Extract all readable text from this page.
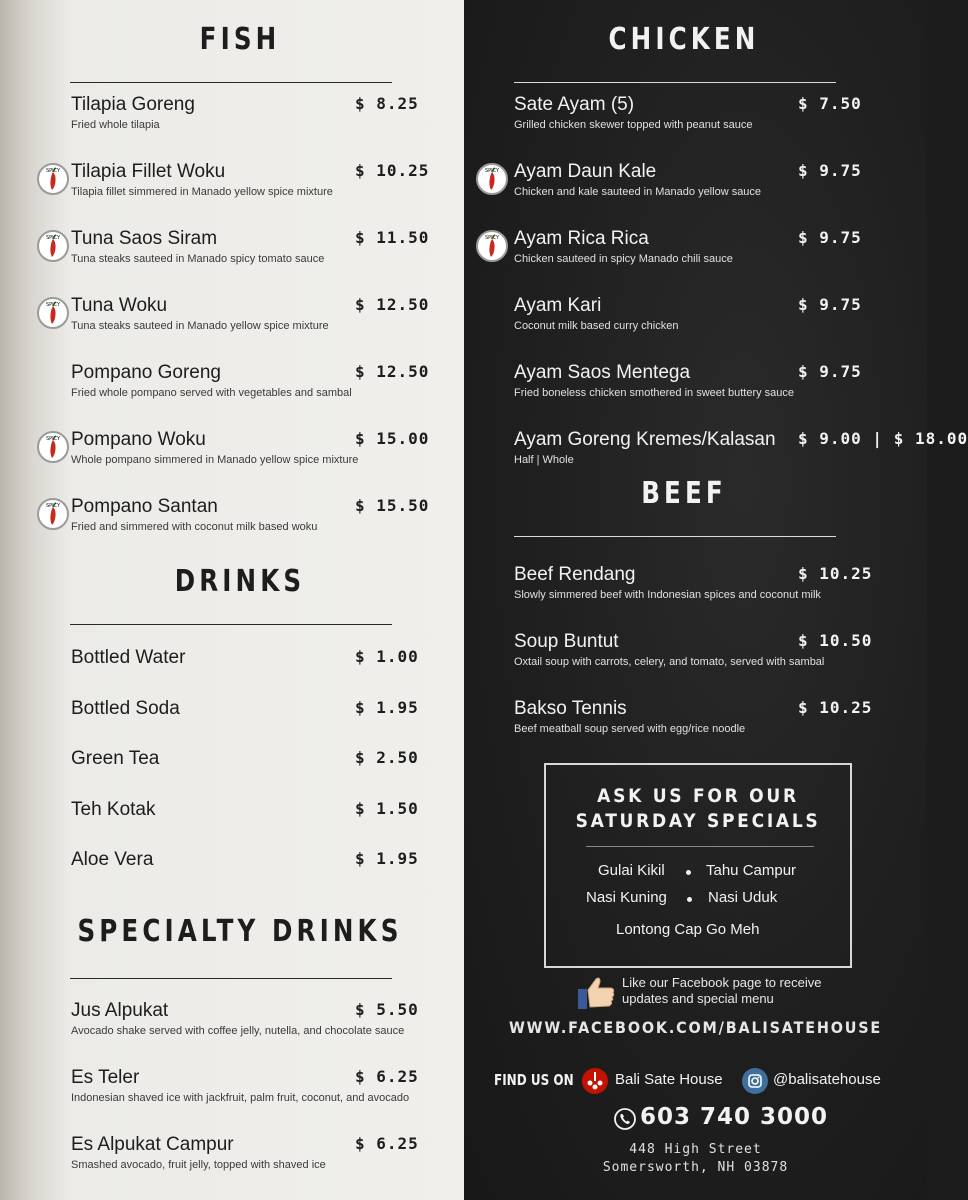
FISH
Tilapia Goreng
Fried whole tilapia
$ 8.25
SPICY Tilapia Fillet Woku
Tilapia fillet simmered in Manado yellow spice mixture
$ 10.25
SPICY Tuna Saos Siram
Tuna steaks sauteed in Manado spicy tomato sauce
$ 11.50
SPICY Tuna Woku
Tuna steaks sauteed in Manado yellow spice mixture
$ 12.50
Pompano Goreng
Fried whole pompano served with vegetables and sambal
$ 12.50
SPICY Pompano Woku
Whole pompano simmered in Manado yellow spice mixture
$ 15.00
SPICY Pompano Santan
Fried and simmered with coconut milk based woku
$ 15.50
DRINKS
Bottled Water	$ 1.00
Bottled Soda	$ 1.95
Green Tea	$ 2.50
Teh Kotak	$ 1.50
Aloe Vera	$ 1.95
SPECIALTY DRINKS
Jus Alpukat
Avocado shake served with coffee jelly, nutella, and chocolate sauce
$ 5.50
Es Teler
Indonesian shaved ice with jackfruit, palm fruit, coconut, and avocado
$ 6.25
Es Alpukat Campur
Smashed avocado, fruit jelly, topped with shaved ice
$ 6.25
CHICKEN
Sate Ayam (5)
Grilled chicken skewer topped with peanut sauce
$ 7.50
SPICY Ayam Daun Kale
Chicken and kale sauteed in Manado yellow sauce
$ 9.75
SPICY Ayam Rica Rica
Chicken sauteed in spicy Manado chili sauce
$ 9.75
Ayam Kari
Coconut milk based curry chicken
$ 9.75
Ayam Saos Mentega
Fried boneless chicken smothered in sweet buttery sauce
$ 9.75
Ayam Goreng Kremes/Kalasan
Half | Whole
$ 9.00 | $ 18.00
BEEF
Beef Rendang
Slowly simmered beef with Indonesian spices and coconut milk
$ 10.25
Soup Buntut
Oxtail soup with carrots, celery, and tomato, served with sambal
$ 10.50
Bakso Tennis
Beef meatball soup served with egg/rice noodle
$ 10.25
ASK US FOR OUR
SATURDAY SPECIALS
Gulai Kikil	Tahu Campur
Nasi Kuning	Nasi Uduk
Lontong Cap Go Meh
Like our Facebook page to receive
updates and special menu
WWW.FACEBOOK.COM/BALISATEHOUSE
FIND US ON	Bali Sate House	@balisatehouse
603 740 3000
448 High Street
Somersworth, NH 03878
